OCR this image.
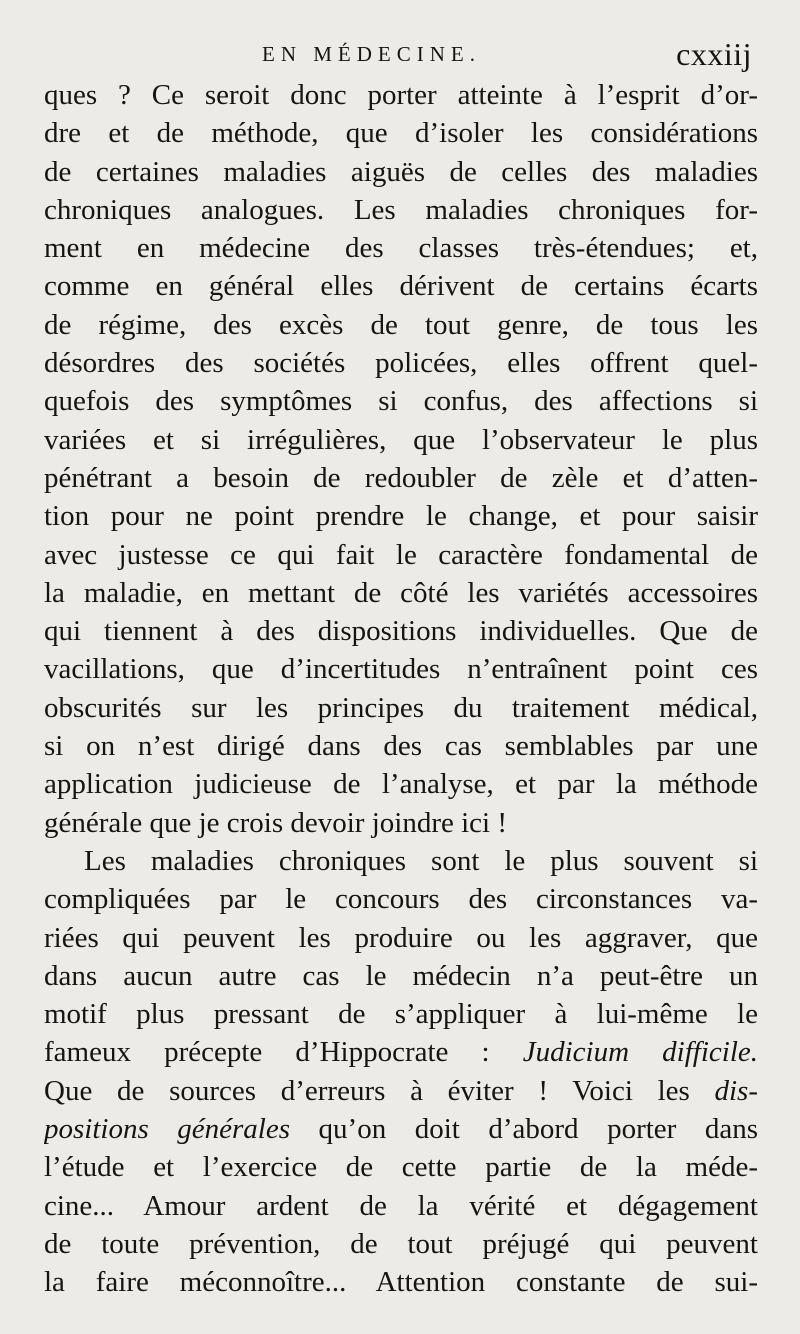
EN MÉDECINE.	cxxiij
ques ? Ce seroit donc porter atteinte à l’esprit d’or-
dre et de méthode, que d’isoler les considérations
de certaines maladies aiguës de celles des maladies
chroniques analogues. Les maladies chroniques for-
ment en médecine des classes très-étendues; et,
comme en général elles dérivent de certains écarts
de régime, des excès de tout genre, de tous les
désordres des sociétés policées, elles offrent quel-
quefois des symptômes si confus, des affections si
variées et si irrégulières, que l’observateur le plus
pénétrant a besoin de redoubler de zèle et d’atten-
tion pour ne point prendre le change, et pour saisir
avec justesse ce qui fait le caractère fondamental de
la maladie, en mettant de côté les variétés accessoires
qui tiennent à des dispositions individuelles. Que de
vacillations, que d’incertitudes n’entraînent point ces
obscurités sur les principes du traitement médical,
si on n’est dirigé dans des cas semblables par une
application judicieuse de l’analyse, et par la méthode
générale que je crois devoir joindre ici !
Les maladies chroniques sont le plus souvent si
compliquées par le concours des circonstances va-
riées qui peuvent les produire ou les aggraver, que
dans aucun autre cas le médecin n’a peut-être un
motif plus pressant de s’appliquer à lui-même le
fameux précepte d’Hippocrate : Judicium difficile.
Que de sources d’erreurs à éviter ! Voici les dis-
positions générales qu’on doit d’abord porter dans
l’étude et l’exercice de cette partie de la méde-
cine... Amour ardent de la vérité et dégagement
de toute prévention, de tout préjugé qui peuvent
la faire méconnoître... Attention constante de sui-
